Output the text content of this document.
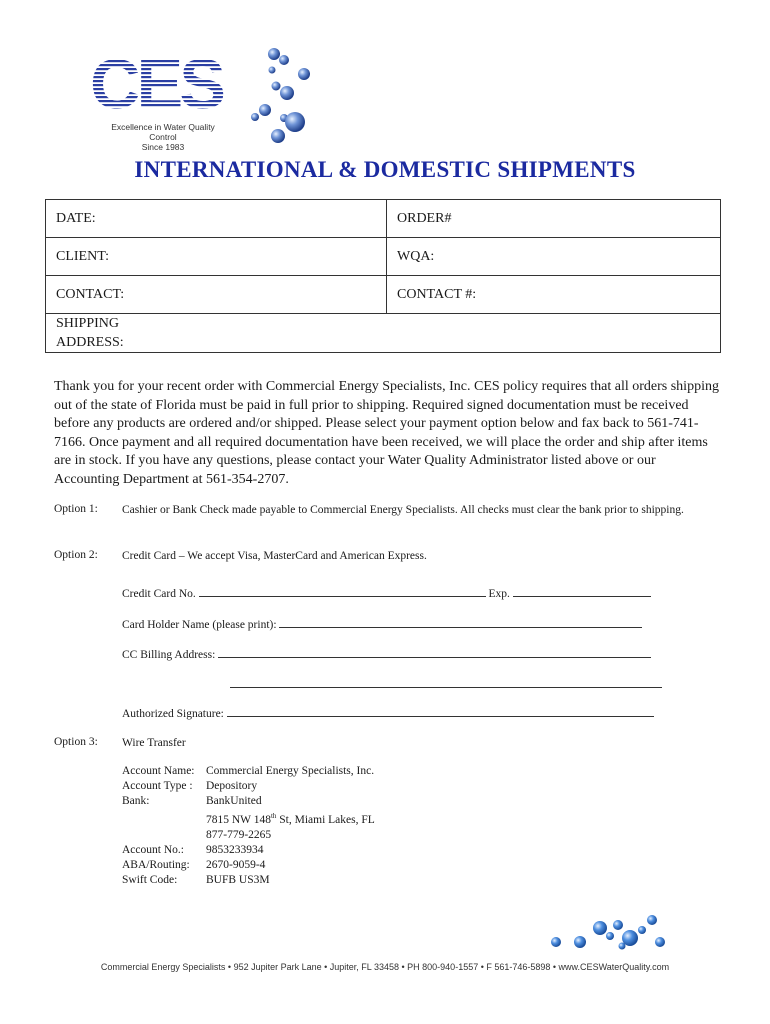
CES
Excellence in Water Quality Control
Since 1983
INTERNATIONAL & DOMESTIC SHIPMENTS
DATE:	ORDER#
CLIENT:	WQA:
CONTACT:	CONTACT #:

SHIPPING
ADDRESS:	
Thank you for your recent order with Commercial Energy Specialists, Inc. CES policy requires that all orders shipping out of the state of Florida must be paid in full prior to shipping. Required signed documentation must be received before any products are ordered and/or shipped. Please select your payment option below and fax back to 561-741-7166. Once payment and all required documentation have been received, we will place the order and ship after items are in stock. If you have any questions, please contact your Water Quality Administrator listed above or our Accounting Department at 561-354-2707.
Option 1: Cashier or Bank Check made payable to Commercial Energy Specialists. All checks must clear the bank prior to shipping.
Option 2: Credit Card – We accept Visa, MasterCard and American Express.
Credit Card No.	Exp.
Card Holder Name (please print):
CC Billing Address:
Authorized Signature:
Option 3: Wire Transfer
Account Name:	Commercial Energy Specialists, Inc.
Account Type :	Depository
Bank:	BankUnited
7815 NW 148th St, Miami Lakes, FL
877-779-2265
Account No.:	9853233934
ABA/Routing:	2670-9059-4
Swift Code:	BUFB US3M
Commercial Energy Specialists • 952 Jupiter Park Lane • Jupiter, FL 33458 • PH 800-940-1557 • F 561-746-5898 • www.CESWaterQuality.com
